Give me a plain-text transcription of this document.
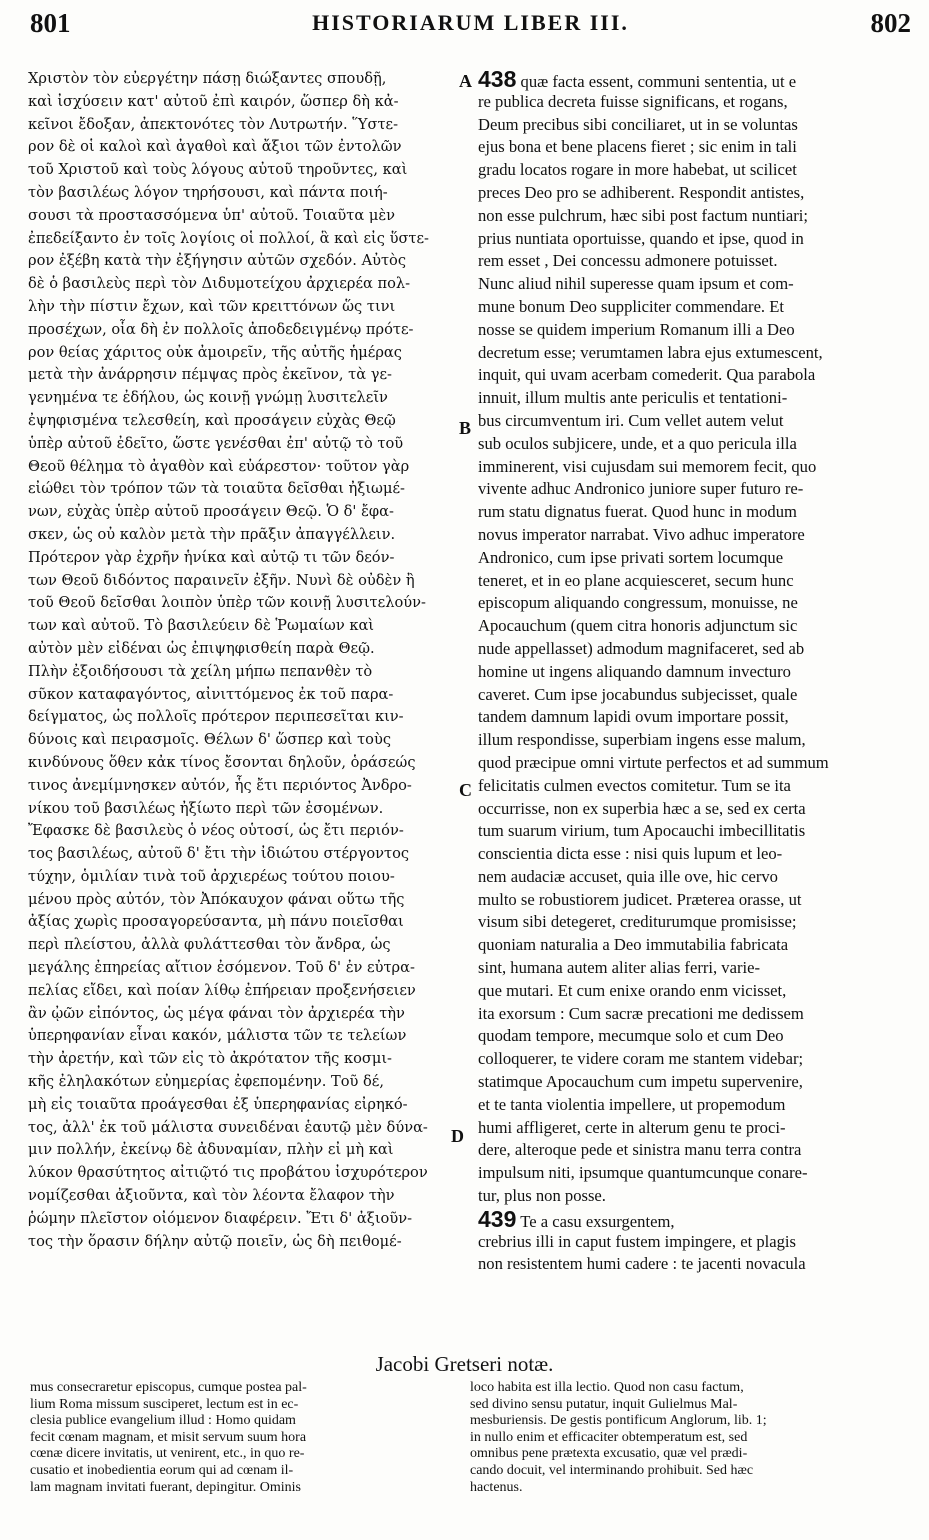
801	HISTORIARUM LIBER III.	802
Χριστὸν τὸν εὐεργέτην πάσῃ διώξαντες σπουδῇ,
καὶ ἰσχύσειν κατ' αὐτοῦ ἐπὶ καιρόν, ὥσπερ δὴ κἀ-
κεῖνοι ἔδοξαν, ἀπεκτονότες τὸν Λυτρωτήν. Ὕστε-
ρον δὲ οἱ καλοὶ καὶ ἀγαθοὶ καὶ ἄξιοι τῶν ἐντολῶν
τοῦ Χριστοῦ καὶ τοὺς λόγους αὐτοῦ τηροῦντες, καὶ
τὸν βασιλέως λόγον τηρήσουσι, καὶ πάντα ποιή-
σουσι τὰ προστασσόμενα ὑπ' αὐτοῦ. Τοιαῦτα μὲν
ἐπεδείξαντο ἐν τοῖς λογίοις οἱ πολλοί, ἃ καὶ εἰς ὕστε-
ρον ἐξέβη κατὰ τὴν ἐξήγησιν αὐτῶν σχεδόν. Αὐτὸς
δὲ ὁ βασιλεὺς περὶ τὸν Διδυμοτείχου ἀρχιερέα πολ-
λὴν τὴν πίστιν ἔχων, καὶ τῶν κρειττόνων ὥς τινι
προσέχων, οἷα δὴ ἐν πολλοῖς ἀποδεδειγμένῳ πρότε-
ρον θείας χάριτος οὐκ ἀμοιρεῖν, τῆς αὐτῆς ἡμέρας
μετὰ τὴν ἀνάρρησιν πέμψας πρὸς ἐκεῖνον, τὰ γε-
γενημένα τε ἐδήλου, ὡς κοινῇ γνώμῃ λυσιτελεῖν
ἐψηφισμένα τελεσθείη, καὶ προσάγειν εὐχὰς Θεῷ
ὑπὲρ αὐτοῦ ἐδεῖτο, ὥστε γενέσθαι ἐπ' αὐτῷ τὸ τοῦ
Θεοῦ θέλημα τὸ ἀγαθὸν καὶ εὐάρεστον· τοῦτον γὰρ
εἰώθει τὸν τρόπον τῶν τὰ τοιαῦτα δεῖσθαι ἠξιωμέ-
νων, εὐχὰς ὑπὲρ αὐτοῦ προσάγειν Θεῷ. Ὁ δ' ἔφα-
σκεν, ὡς οὐ καλὸν μετὰ τὴν πρᾶξιν ἀπαγγέλλειν.
Πρότερον γὰρ ἐχρῆν ἡνίκα καὶ αὐτῷ τι τῶν δεόν-
των Θεοῦ διδόντος παραινεῖν ἐξῆν. Νυνὶ δὲ οὐδὲν ἢ
τοῦ Θεοῦ δεῖσθαι λοιπὸν ὑπὲρ τῶν κοινῇ λυσιτελούν-
των καὶ αὐτοῦ. Τὸ βασιλεύειν δὲ Ῥωμαίων καὶ
αὐτὸν μὲν εἰδέναι ὡς ἐπιψηφισθείη παρὰ Θεῷ.
Πλὴν ἐξοιδήσουσι τὰ χείλη μήπω πεπανθὲν τὸ
σῦκον καταφαγόντος, αἰνιττόμενος ἐκ τοῦ παρα-
δείγματος, ὡς πολλοῖς πρότερον περιπεσεῖται κιν-
δύνοις καὶ πειρασμοῖς. Θέλων δ' ὥσπερ καὶ τοὺς
κινδύνους ὅθεν κἀκ τίνος ἔσονται δηλοῦν, ὁράσεώς
τινος ἀνεμίμνησκεν αὐτόν, ἧς ἔτι περιόντος Ἀνδρο-
νίκου τοῦ βασιλέως ἠξίωτο περὶ τῶν ἐσομένων.
Ἔφασκε δὲ βασιλεὺς ὁ νέος οὑτοσί, ὡς ἔτι περιόν-
τος βασιλέως, αὐτοῦ δ' ἔτι τὴν ἰδιώτου στέργοντος
τύχην, ὁμιλίαν τινὰ τοῦ ἀρχιερέως τούτου ποιου-
μένου πρὸς αὐτόν, τὸν Ἀπόκαυχον φάναι οὕτω τῆς
ἀξίας χωρὶς προσαγορεύσαντα, μὴ πάνυ ποιεῖσθαι
περὶ πλείστου, ἀλλὰ φυλάττεσθαι τὸν ἄνδρα, ὡς
μεγάλης ἐπηρείας αἴτιον ἐσόμενον. Τοῦ δ' ἐν εὐτρα-
πελίας εἴδει, καὶ ποίαν λίθῳ ἐπήρειαν προξενήσειεν
ἂν ᾠῶν εἰπόντος, ὡς μέγα φάναι τὸν ἀρχιερέα τὴν
ὑπερηφανίαν εἶναι κακόν, μάλιστα τῶν τε τελείων
τὴν ἀρετήν, καὶ τῶν εἰς τὸ ἀκρότατον τῆς κοσμι-
κῆς ἐληλακότων εὐημερίας ἐφεπομένην. Τοῦ δέ,
μὴ εἰς τοιαῦτα προάγεσθαι ἐξ ὑπερηφανίας εἰρηκό-
τος, ἀλλ' ἐκ τοῦ μάλιστα συνειδέναι ἑαυτῷ μὲν δύνα-
μιν πολλήν, ἐκείνῳ δὲ ἀδυναμίαν, πλὴν εἰ μὴ καὶ
λύκον θρασύτητος αἰτιῷτό τις προβάτου ἰσχυρότερον
νομίζεσθαι ἀξιοῦντα, καὶ τὸν λέοντα ἔλαφον τὴν
ῥώμην πλεῖστον οἰόμενον διαφέρειν. Ἔτι δ' ἀξιοῦν-
τος τὴν ὅρασιν δήλην αὐτῷ ποιεῖν, ὡς δὴ πειθομέ-
A
B
C
D
438 quæ facta essent, communi sententia, ut e
re publica decreta fuisse significans, et rogans,
Deum precibus sibi conciliaret, ut in se voluntas
ejus bona et bene placens fieret ; sic enim in tali
gradu locatos rogare in more habebat, ut scilicet
preces Deo pro se adhiberent. Respondit antistes,
non esse pulchrum, hæc sibi post factum nuntiari;
prius nuntiata oportuisse, quando et ipse, quod in
rem esset , Dei concessu admonere potuisset.
Nunc aliud nihil superesse quam ipsum et com-
mune bonum Deo suppliciter commendare. Et
nosse se quidem imperium Romanum illi a Deo
decretum esse; verumtamen labra ejus extumescent,
inquit, qui uvam acerbam comederit. Qua parabola
innuit, illum multis ante periculis et tentationi-
bus circumventum iri. Cum vellet autem velut
sub oculos subjicere, unde, et a quo pericula illa
imminerent, visi cujusdam sui memorem fecit, quo
vivente adhuc Andronico juniore super futuro re-
rum statu dignatus fuerat. Quod hunc in modum
novus imperator narrabat. Vivo adhuc imperatore
Andronico, cum ipse privati sortem locumque
teneret, et in eo plane acquiesceret, secum hunc
episcopum aliquando congressum, monuisse, ne
Apocauchum (quem citra honoris adjunctum sic
nude appellasset) admodum magnifaceret, sed ab
homine ut ingens aliquando damnum invecturo
caveret. Cum ipse jocabundus subjecisset, quale
tandem damnum lapidi ovum importare possit,
illum respondisse, superbiam ingens esse malum,
quod præcipue omni virtute perfectos et ad summum
felicitatis culmen evectos comitetur. Tum se ita
occurrisse, non ex superbia hæc a se, sed ex certa
tum suarum virium, tum Apocauchi imbecillitatis
conscientia dicta esse : nisi quis lupum et leo-
nem audaciæ accuset, quia ille ove, hic cervo
multo se robustiorem judicet. Præterea orasse, ut
visum sibi detegeret, crediturumque promisisse;
quoniam naturalia a Deo immutabilia fabricata
sint, humana autem aliter alias ferri, varie-
que mutari. Et cum enixe orando enm vicisset,
ita exorsum : Cum sacræ precationi me dedissem
quodam tempore, mecumque solo et cum Deo
colloquerer, te videre coram me stantem videbar;
statimque Apocauchum cum impetu supervenire,
et te tanta violentia impellere, ut propemodum
humi affligeret, certe in alterum genu te proci-
dere, alteroque pede et sinistra manu terra contra
impulsum niti, ipsumque quantumcunque conare-
tur, plus non posse.
439 Te a casu exsurgentem,
crebrius illi in caput fustem impingere, et plagis
non resistentem humi cadere : te jacenti novacula
Jacobi Gretseri notæ.
mus consecraretur episcopus, cumque postea pal-
lium Roma missum susciperet, lectum est in ec-
clesia publice evangelium illud : Homo quidam
fecit cœnam magnam, et misit servum suum hora
cœnæ dicere invitatis, ut venirent, etc., in quo re-
cusatio et inobedientia eorum qui ad cœnam il-
lam magnam invitati fuerant, depingitur. Ominis
loco habita est illa lectio. Quod non casu factum,
sed divino sensu putatur, inquit Gulielmus Mal-
mesburiensis. De gestis pontificum Anglorum, lib. 1;
in nullo enim et efficaciter obtemperatum est, sed
omnibus pene prætexta excusatio, quæ vel prædi-
cando docuit, vel interminando prohibuit. Sed hæc
hactenus.
